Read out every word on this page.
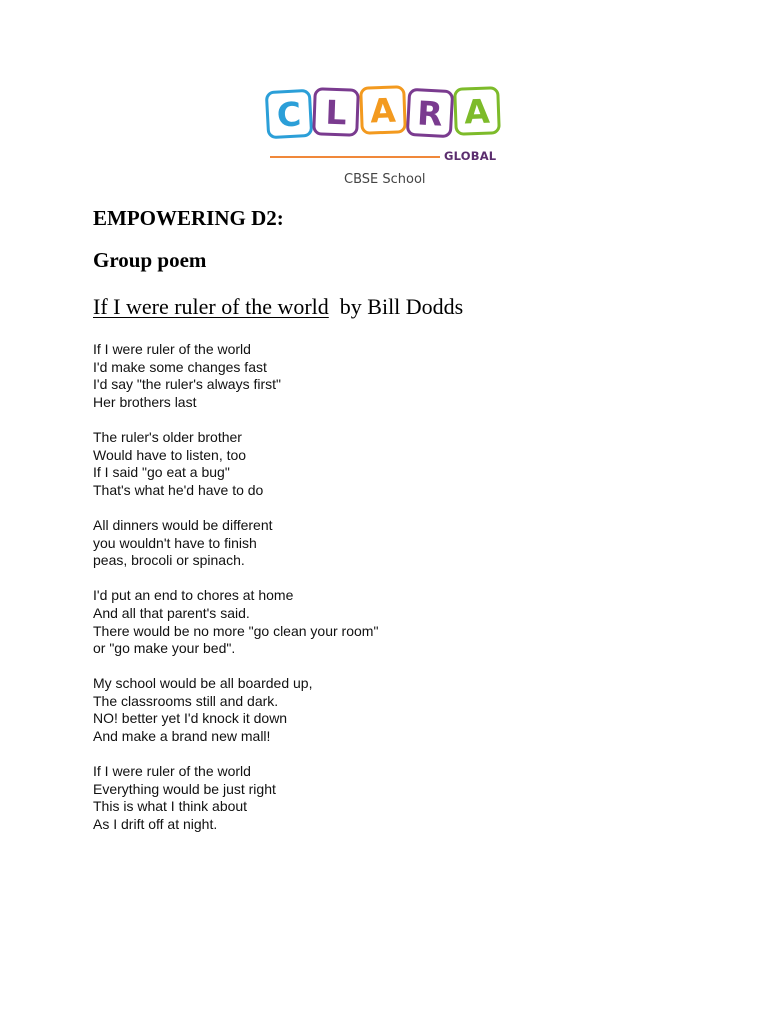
C L A R A
GLOBAL
CBSE School
EMPOWERING D2:
Group poem
If I were ruler of the world by Bill Dodds
If I were ruler of the world
I'd make some changes fast
I'd say "the ruler's always first"
Her brothers last
The ruler's older brother
Would have to listen, too
If I said "go eat a bug"
That's what he'd have to do
All dinners would be different
you wouldn't have to finish
peas, brocoli or spinach.
I'd put an end to chores at home
And all that parent's said.
There would be no more "go clean your room"
or "go make your bed".
My school would be all boarded up,
The classrooms still and dark.
NO! better yet I'd knock it down
And make a brand new mall!
If I were ruler of the world
Everything would be just right
This is what I think about
As I drift off at night.
